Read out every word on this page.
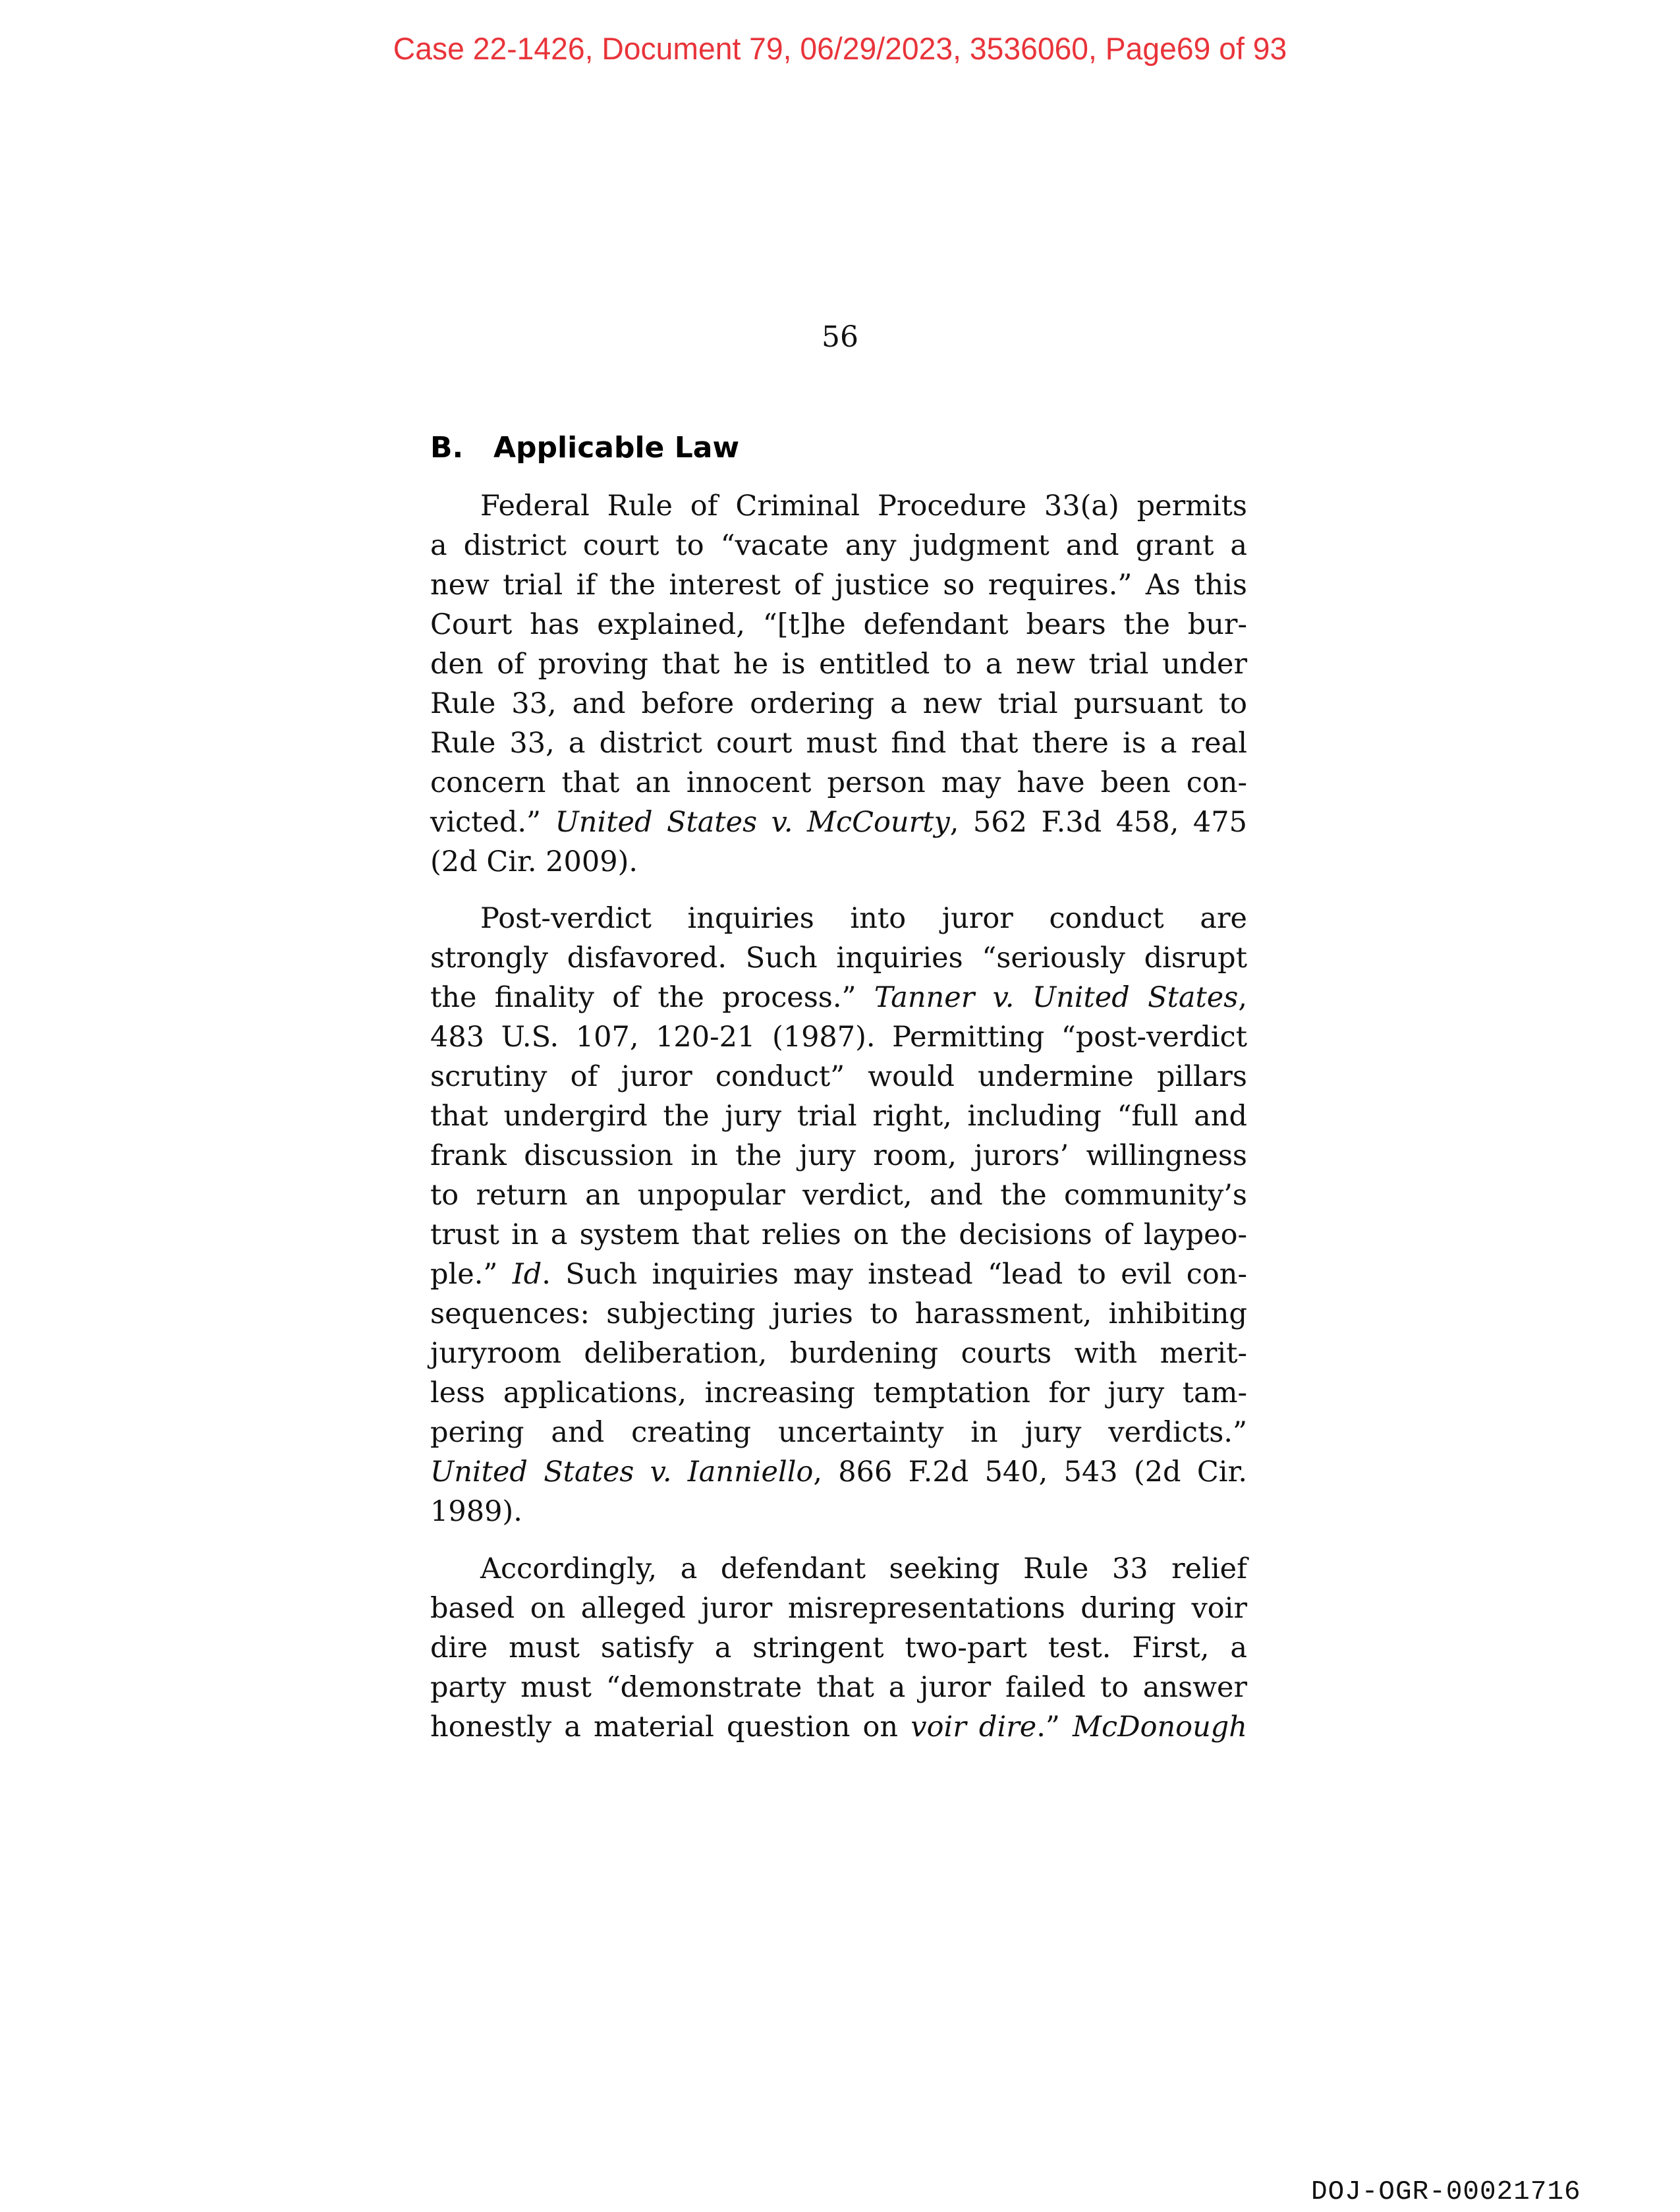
Case 22-1426, Document 79, 06/29/2023, 3536060, Page69 of 93
56
B. Applicable Law
Federal Rule of Criminal Procedure 33(a) permits
a district court to “vacate any judgment and grant a
new trial if the interest of justice so requires.” As this
Court has explained, “[t]he defendant bears the bur-
den of proving that he is entitled to a new trial under
Rule 33, and before ordering a new trial pursuant to
Rule 33, a district court must find that there is a real
concern that an innocent person may have been con-
victed.” United States v. McCourty, 562 F.3d 458, 475
(2d Cir. 2009).
Post-verdict inquiries into juror conduct are
strongly disfavored. Such inquiries “seriously disrupt
the finality of the process.” Tanner v. United States,
483 U.S. 107, 120-21 (1987). Permitting “post-verdict
scrutiny of juror conduct” would undermine pillars
that undergird the jury trial right, including “full and
frank discussion in the jury room, jurors’ willingness
to return an unpopular verdict, and the community’s
trust in a system that relies on the decisions of laypeo-
ple.” Id. Such inquiries may instead “lead to evil con-
sequences: subjecting juries to harassment, inhibiting
juryroom deliberation, burdening courts with merit-
less applications, increasing temptation for jury tam-
pering and creating uncertainty in jury verdicts.”
United States v. Ianniello, 866 F.2d 540, 543 (2d Cir.
1989).
Accordingly, a defendant seeking Rule 33 relief
based on alleged juror misrepresentations during voir
dire must satisfy a stringent two-part test. First, a
party must “demonstrate that a juror failed to answer
honestly a material question on voir dire.” McDonough
DOJ-OGR-00021716
